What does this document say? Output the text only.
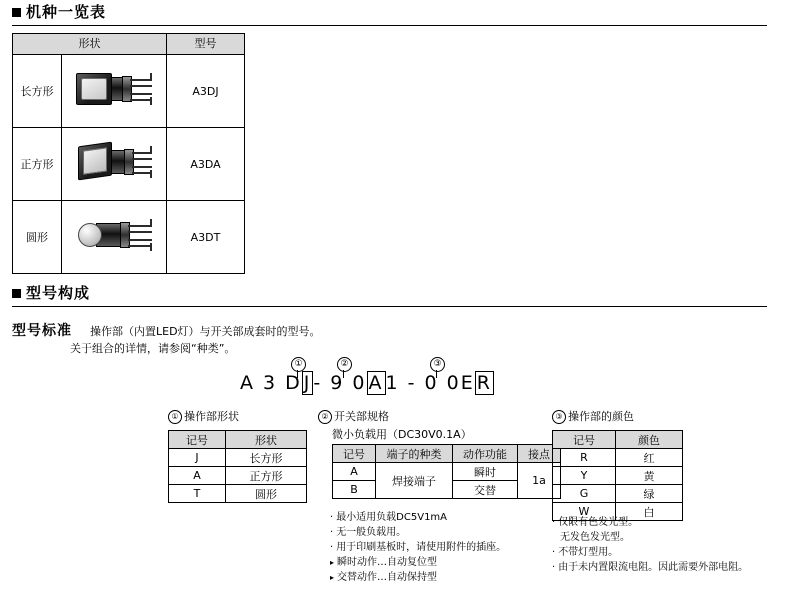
机种一览表
形状		型号
长方形		A3DJ
正方形		A3DA
圆形		A3DT
型号构成
型号标准 操作部（内置LED灯）与开关部成套时的型号。
关于组合的详情，请参阅“种类”。
①	②	③
A 3 D J - 9 0 A 1 - 0 0E R
① 操作部形状
记号	形状
J	长方形
A	正方形
T	圆形
② 开关部规格
微小负载用（DC30V0.1A）
记号	端子的种类	动作功能	接点
A	焊接端子	瞬时	1a
B		交替	
· 最小适用负载DC5V1mA
· 无一般负载用。
· 用于印刷基板时，请使用附件的插座。
▸ 瞬时动作…自动复位型
▸ 交替动作…自动保持型
③ 操作部的颜色
记号	颜色
R	红
Y	黄
G	绿
W	白
· 仅限有色发光型。
无发色发光型。
· 不带灯型用。
· 由于未内置限流电阻。因此需要外部电阻。
